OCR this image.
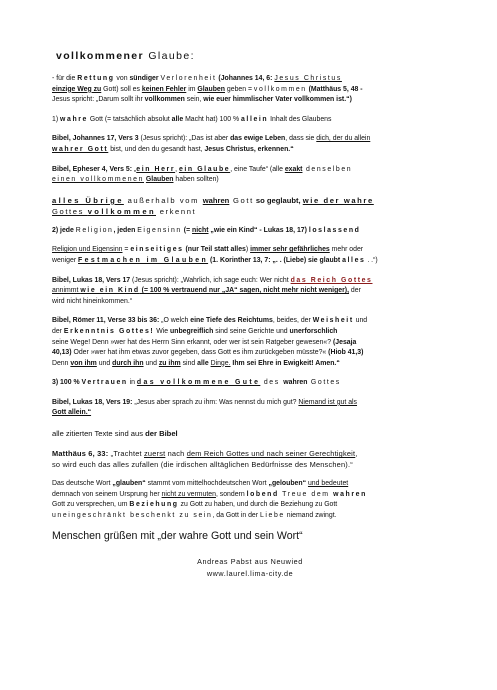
vollkommener Glaube:

- für die Rettung von sündiger Verlorenheit (Johannes 14, 6: Jesus Christus
einzige Weg zu Gott) soll es keinen Fehler im Glauben geben = vollkommen (Matthäus 5, 48 -
Jesus spricht: „Darum sollt ihr vollkommen sein, wie euer himmlischer Vater vollkommen ist.“)

1) wahre Gott (= tatsächlich absolut alle Macht hat) 100 % allein Inhalt des Glaubens

Bibel, Johannes 17, Vers 3 (Jesus spricht): „Das ist aber das ewige Leben, dass sie dich, der du allein
wahrer Gott bist, und den du gesandt hast, Jesus Christus, erkennen.“

Bibel, Epheser 4, Vers 5: „ein Herr, ein Glaube, eine Taufe“ (alle exakt denselben
einen vollkommenen Glauben haben sollten)

alles Übrige außerhalb vom wahren Gott so geglaubt, wie der wahre
Gottes vollkommen erkennt

2) jede Religion, jeden Eigensinn (= nicht „wie ein Kind“ - Lukas 18, 17) loslassend

Religion und Eigensinn = einseitiges (nur Teil statt alles) immer sehr gefährliches mehr oder
weniger Festmachen im Glauben (1. Korinther 13, 7: „. . (Liebe) sie glaubt alles . .“)

Bibel, Lukas 18, Vers 17 (Jesus spricht): „Wahrlich, ich sage euch: Wer nicht das Reich Gottes
annimmt wie ein Kind (= 100 % vertrauend nur „JA“ sagen, nicht mehr nicht weniger), der
wird nicht hineinkommen.“

Bibel, Römer 11, Verse 33 bis 36: „O welch eine Tiefe des Reichtums, beides, der Weisheit und
der Erkenntnis Gottes! Wie unbegreiflich sind seine Gerichte und unerforschlich
seine Wege! Denn »wer hat des Herrn Sinn erkannt, oder wer ist sein Ratgeber gewesen«? (Jesaja
40,13) Oder »wer hat ihm etwas zuvor gegeben, dass Gott es ihm zurückgeben müsste?« (Hiob 41,3)
Denn von ihm und durch ihn und zu ihm sind alle Dinge. Ihm sei Ehre in Ewigkeit! Amen.“

3) 100 % Vertrauen in das vollkommene Gute des wahren Gottes

Bibel, Lukas 18, Vers 19: „Jesus aber sprach zu ihm: Was nennst du mich gut? Niemand ist gut als
Gott allein.“

alle zitierten Texte sind aus der Bibel

Matthäus 6, 33: „Trachtet zuerst nach dem Reich Gottes und nach seiner Gerechtigkeit,
so wird euch das alles zufallen (die irdischen alltäglichen Bedürfnisse des Menschen).“

Das deutsche Wort „glauben“ stammt vom mittelhochdeutschen Wort „gelouben“ und bedeutet
demnach von seinem Ursprung her nicht zu vermuten, sondern lobend Treue dem wahren
Gott zu versprechen, um Beziehung zu Gott zu haben, und durch die Beziehung zu Gott
uneingeschränkt beschenkt zu sein, da Gott in der Liebe niemand zwingt.

Menschen grüßen mit „der wahre Gott und sein Wort“
Andreas Pabst aus Neuwied
www.laurel.lima-city.de
